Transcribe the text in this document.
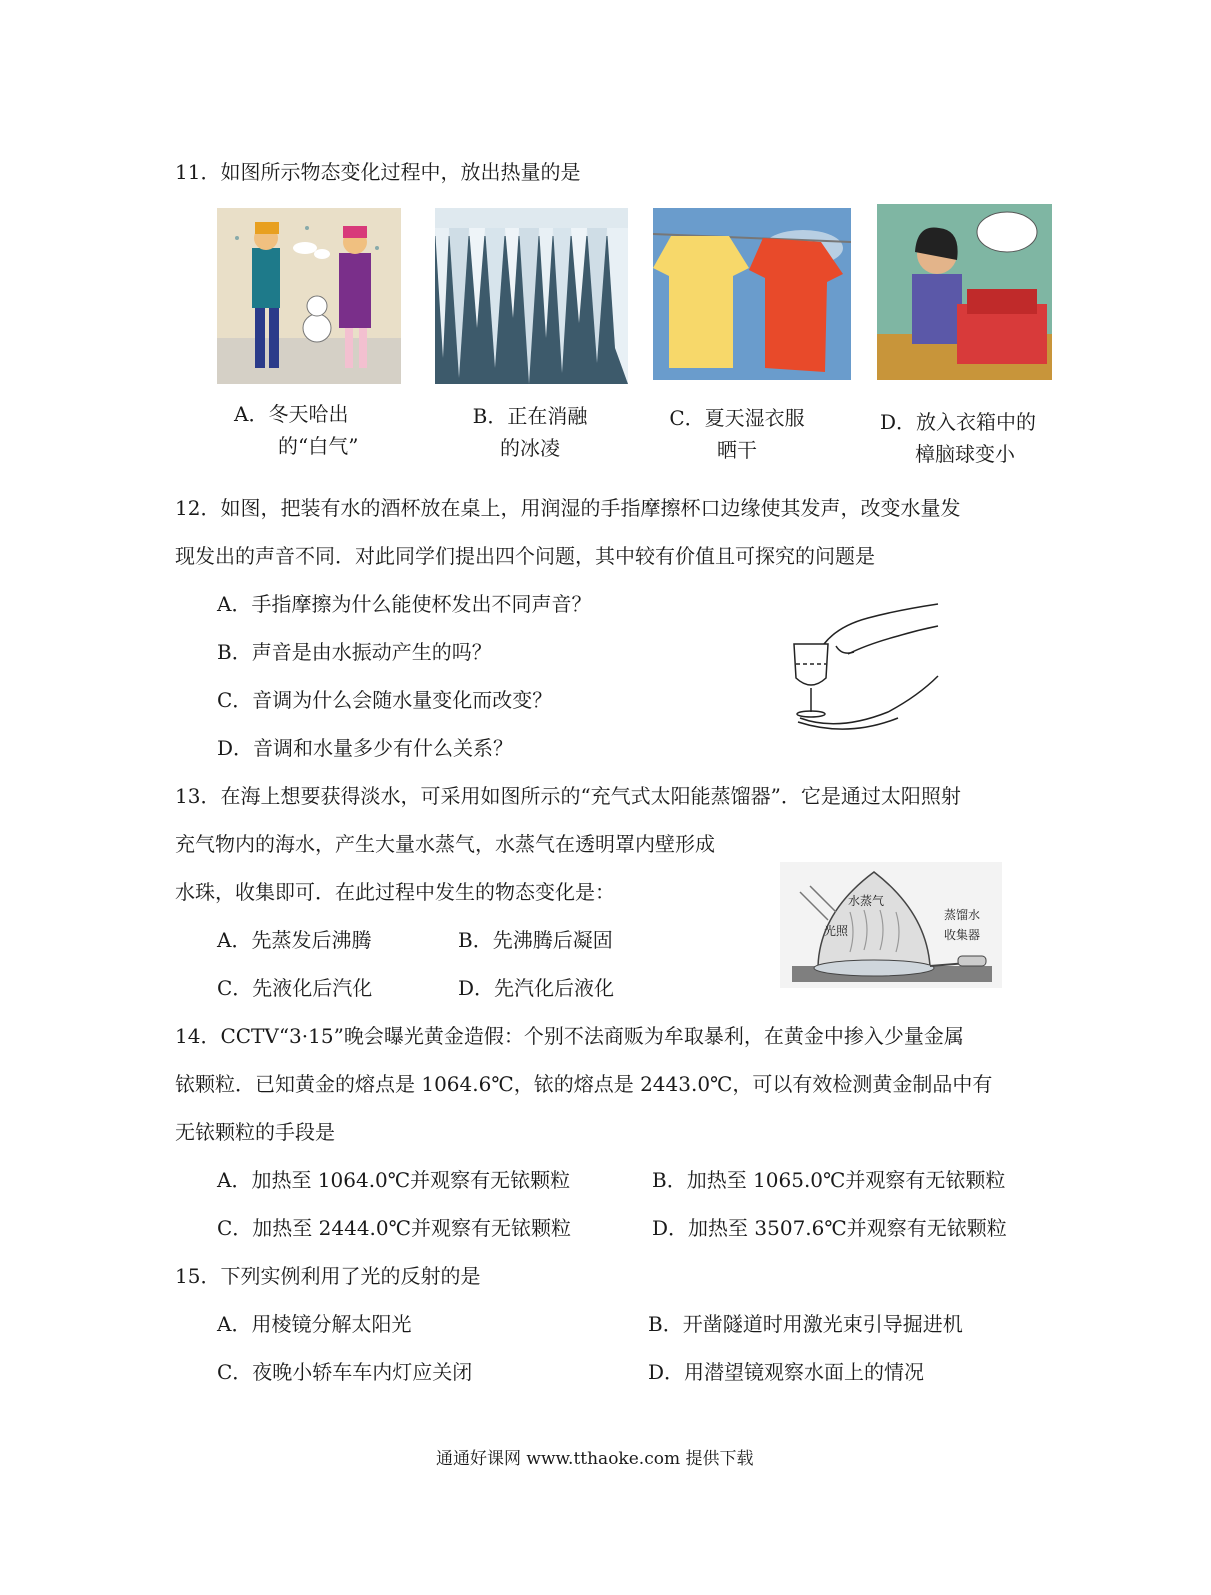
11．如图所示物态变化过程中，放出热量的是
A．冬天哈出
的“白气”
B．正在消融
的冰凌
C．夏天湿衣服
晒干
D．放入衣箱中的
樟脑球变小
12．如图，把装有水的酒杯放在桌上，用润湿的手指摩擦杯口边缘使其发声，改变水量发
现发出的声音不同．对此同学们提出四个问题，其中较有价值且可探究的问题是
A．手指摩擦为什么能使杯发出不同声音？
B．声音是由水振动产生的吗？
C．音调为什么会随水量变化而改变？
D．音调和水量多少有什么关系？
13．在海上想要获得淡水，可采用如图所示的“充气式太阳能蒸馏器”．它是通过太阳照射
充气物内的海水，产生大量水蒸气，水蒸气在透明罩内壁形成
水珠，收集即可．在此过程中发生的物态变化是：
A．先蒸发后沸腾	B．先沸腾后凝固
C．先液化后汽化	D．先汽化后液化
水蒸气
光照
蒸馏水
收集器
14．CCTV“3·15”晚会曝光黄金造假：个别不法商贩为牟取暴利，在黄金中掺入少量金属
铱颗粒．已知黄金的熔点是 1064.6℃，铱的熔点是 2443.0℃，可以有效检测黄金制品中有
无铱颗粒的手段是
A．加热至 1064.0℃并观察有无铱颗粒	B．加热至 1065.0℃并观察有无铱颗粒
C．加热至 2444.0℃并观察有无铱颗粒	D．加热至 3507.6℃并观察有无铱颗粒
15．下列实例利用了光的反射的是
A．用棱镜分解太阳光	B．开凿隧道时用激光束引导掘进机
C．夜晚小轿车车内灯应关闭	D．用潜望镜观察水面上的情况
通通好课网 www.tthaoke.com 提供下载
